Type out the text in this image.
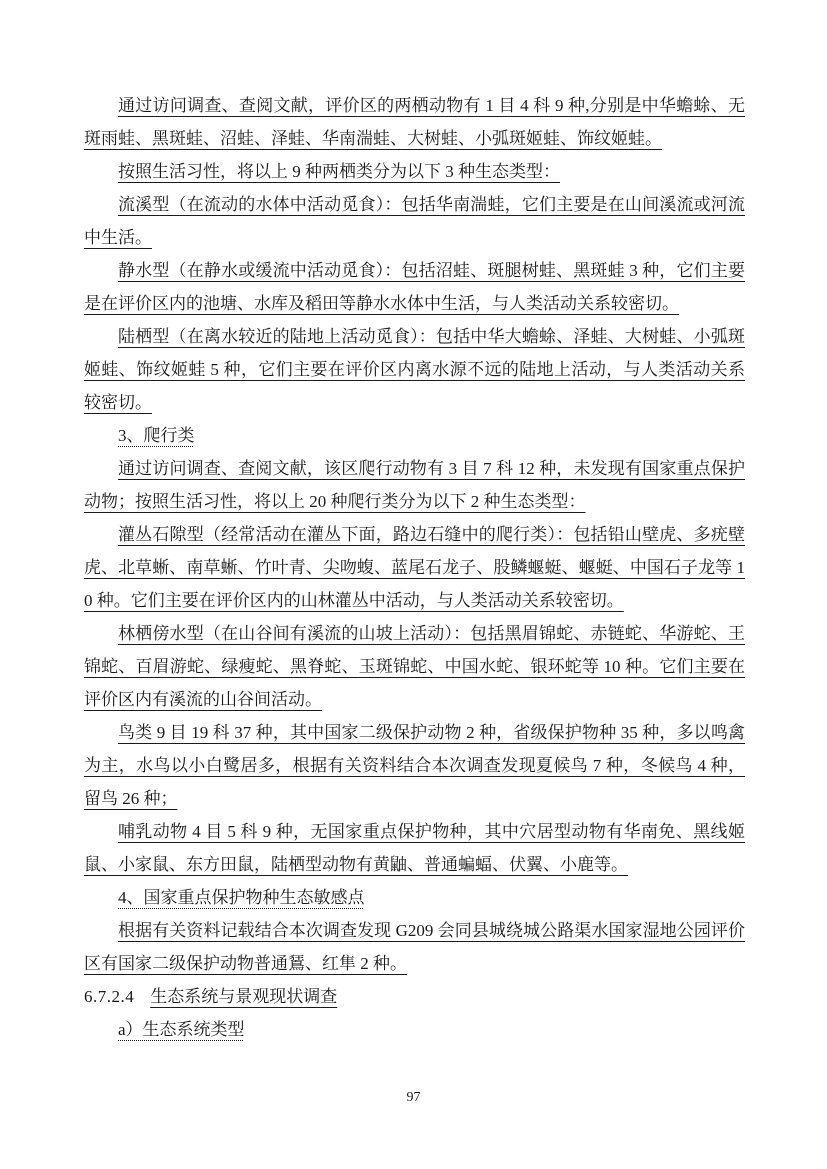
通过访问调查、查阅文献，评价区的两栖动物有 1 目 4 科 9 种,分别是中华蟾蜍、无斑雨蛙、黑斑蛙、沼蛙、泽蛙、华南湍蛙、大树蛙、小弧斑姬蛙、饰纹姬蛙。

按照生活习性，将以上 9 种两栖类分为以下 3 种生态类型：

流溪型（在流动的水体中活动觅食）：包括华南湍蛙，它们主要是在山间溪流或河流中生活。

静水型（在静水或缓流中活动觅食）：包括沼蛙、斑腿树蛙、黑斑蛙 3 种，它们主要是在评价区内的池塘、水库及稻田等静水水体中生活，与人类活动关系较密切。

陆栖型（在离水较近的陆地上活动觅食）：包括中华大蟾蜍、泽蛙、大树蛙、小弧斑姬蛙、饰纹姬蛙 5 种，它们主要在评价区内离水源不远的陆地上活动，与人类活动关系较密切。

3、爬行类

通过访问调查、查阅文献，该区爬行动物有 3 目 7 科 12 种，未发现有国家重点保护动物；按照生活习性，将以上 20 种爬行类分为以下 2 种生态类型：

灌丛石隙型（经常活动在灌丛下面，路边石缝中的爬行类）：包括铅山壁虎、多疣壁虎、北草蜥、南草蜥、竹叶青、尖吻蝮、蓝尾石龙子、股鳞蝘蜓、蝘蜓、中国石子龙等 10 种。它们主要在评价区内的山林灌丛中活动，与人类活动关系较密切。

林栖傍水型（在山谷间有溪流的山坡上活动）：包括黑眉锦蛇、赤链蛇、华游蛇、王锦蛇、百眉游蛇、绿瘦蛇、黑脊蛇、玉斑锦蛇、中国水蛇、银环蛇等 10 种。它们主要在评价区内有溪流的山谷间活动。

鸟类 9 目 19 科 37 种，其中国家二级保护动物 2 种，省级保护物种 35 种，多以鸣禽为主，水鸟以小白鹭居多，根据有关资料结合本次调查发现夏候鸟 7 种，冬候鸟 4 种，留鸟 26 种；

哺乳动物 4 目 5 科 9 种，无国家重点保护物种，其中穴居型动物有华南免、黑线姬鼠、小家鼠、东方田鼠，陆栖型动物有黄鼬、普通蝙蝠、伏翼、小鹿等。

4、国家重点保护物种生态敏感点

根据有关资料记载结合本次调查发现 G209 会同县城绕城公路渠水国家湿地公园评价区有国家二级保护动物普通鵟、红隼 2 种。

6.7.2.4 生态系统与景观现状调查

a）生态系统类型

97
